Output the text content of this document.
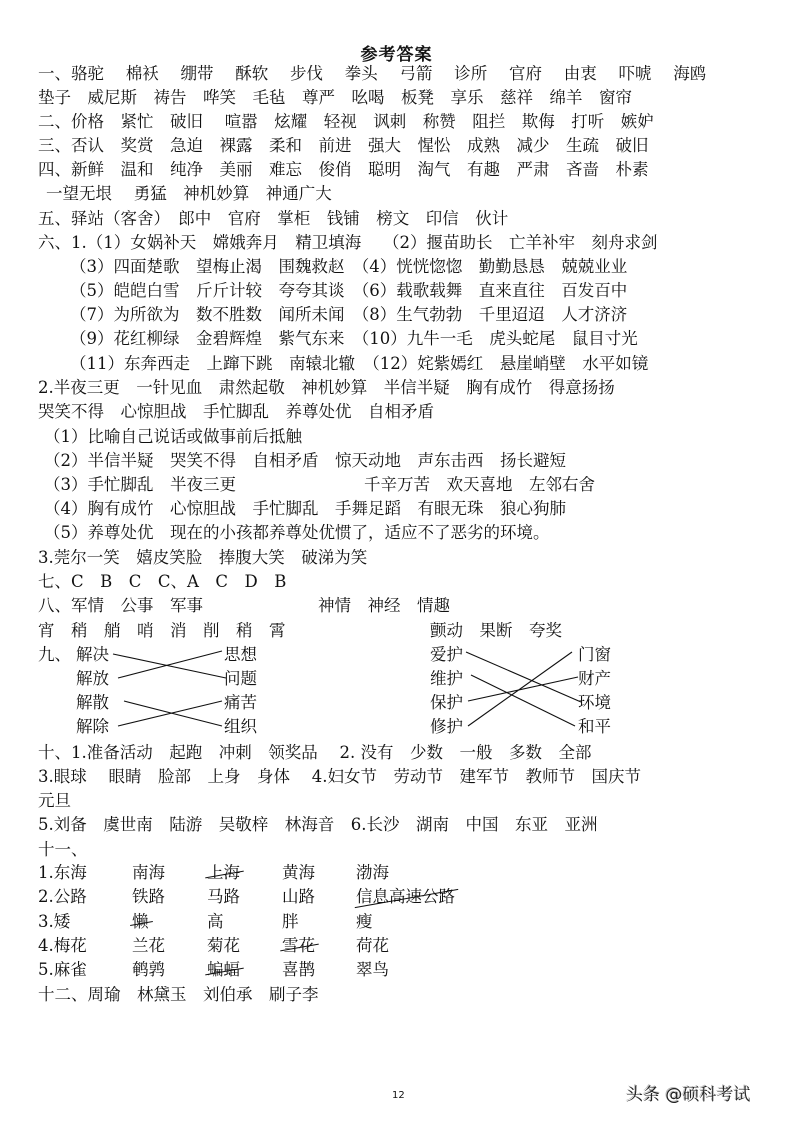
参考答案
一、骆驼　 棉袄　 绷带　 酥软　 步伐　 拳头　 弓箭　 诊所　 官府　 由衷　 吓唬　 海鸥
垫子　威尼斯　祷告　哗笑　毛毡　尊严　吆喝　板凳　享乐　慈祥　绵羊　窗帘
二、价格　紧忙　破旧　 喧嚣　炫耀　轻视　讽刺　称赞　阻拦　欺侮　打听　嫉妒
三、否认　奖赏　急迫　裸露　柔和　前进　强大　惺忪　成熟　减少　生疏　破旧
四、新鲜　温和　纯净　美丽　难忘　俊俏　聪明　淘气　有趣　严肃　吝啬　朴素
一望无垠　 勇猛　神机妙算　神通广大
五、驿站（客舍）　郎中　官府　掌柜　钱铺　榜文　印信　伙计
六、1.（1）女娲补天　嫦娥奔月　精卫填海　 （2）揠苗助长　亡羊补牢　刻舟求剑
（3）四面楚歌　望梅止渴　围魏救赵　（4）恍恍惚惚　勤勤恳恳　兢兢业业
（5）皑皑白雪　斤斤计较　夸夸其谈　（6）载歌载舞　直来直往　百发百中
（7）为所欲为　数不胜数　闻所未闻　（8）生气勃勃　千里迢迢　人才济济
（9）花红柳绿　金碧辉煌　紫气东来　（10）九牛一毛　虎头蛇尾　鼠目寸光
（11）东奔西走　上蹿下跳　南辕北辙　（12）姹紫嫣红　悬崖峭壁　水平如镜
2.半夜三更　一针见血　肃然起敬　神机妙算　半信半疑　胸有成竹　得意扬扬
哭笑不得　心惊胆战　手忙脚乱　养尊处优　自相矛盾
（1）比喻自己说话或做事前后抵触
（2）半信半疑　哭笑不得　自相矛盾　惊天动地　声东击西　扬长避短
（3）手忙脚乱　半夜三更	千辛万苦　欢天喜地　左邻右舍
（4）胸有成竹　心惊胆战　手忙脚乱　手舞足蹈　有眼无珠　狼心狗肺
（5）养尊处优　现在的小孩都养尊处优惯了，适应不了恶劣的环境。
3.莞尔一笑　嬉皮笑脸　捧腹大笑　破涕为笑
七、C　B　C　C、A　C　D　B
八、军情　公事　军事	神情　神经　情趣
宵　稍　艄　哨　消　削　稍　霄	颤动　果断　夸奖
九、 解决
解放
解散
解除
思想
问题
痛苦
组织
爱护
维护
保护
修护
门窗
财产
环境
和平
十、1.准备活动　起跑　冲刺　领奖品　 2. 没有　少数　一般　多数　全部
3.眼球　 眼睛　脸部　上身　身体　 4.妇女节　劳动节　建军节　教师节　国庆节
元旦
5.刘备　虞世南　陆游　吴敬梓　林海音　6.长沙　湖南　中国　东亚　亚洲
十一、
1.东海	南海	上海	黄海 渤海
2.公路	铁路	马路	山路 信息高速公路
3.矮	懒	高	胖	瘦
4.梅花	兰花	菊花	雪花 荷花
5.麻雀	鹌鹑	蝙蝠	喜鹊 翠鸟
十二、周瑜　林黛玉　刘伯承　刷子李
12	头条 @硕科考试
